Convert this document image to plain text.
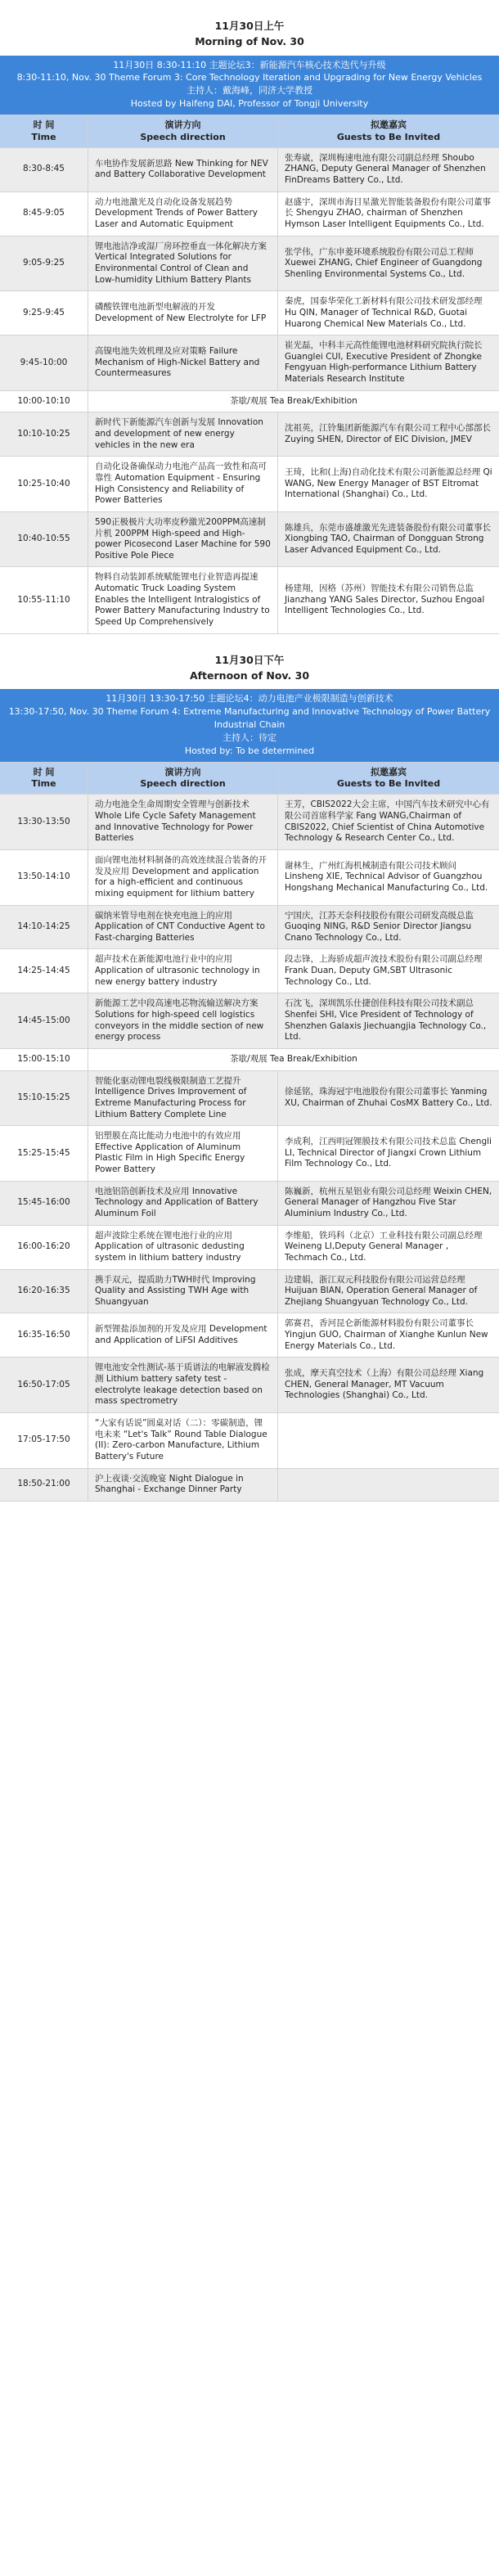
11月30日上午
Morning of Nov. 30
11月30日 8:30-11:10 主题论坛3：新能源汽车核心技术迭代与升级
8:30-11:10, Nov. 30 Theme Forum 3: Core Technology Iteration and Upgrading for New Energy Vehicles
主持人：戴海峰，同济大学教授
Hosted by Haifeng DAI, Professor of Tongji University
时 间
Time
演讲方向
Speech direction
拟邀嘉宾
Guests to Be Invited
8:30-8:45
车电协作发展新思路 New Thinking for NEV and Battery Collaborative Development
张寿崴，深圳梅速电池有限公司副总经理 Shoubo ZHANG, Deputy General Manager of Shenzhen FinDreams Battery Co., Ltd.
8:45-9:05
动力电池激光及自动化设备发展趋势 Development Trends of Power Battery Laser and Automatic Equipment
赵盛宇，深圳市海目星激光智能装备股份有限公司董事长 Shengyu ZHAO, chairman of Shenzhen Hymson Laser Intelligent Equipments Co., Ltd.
9:05-9:25
锂电池洁净或湿厂房环控垂直一体化解决方案 Vertical Integrated Solutions for Environmental Control of Clean and Low-humidity Lithium Battery Plants
张学伟，广东申菱环境系统股份有限公司总工程师 Xuewei ZHANG, Chief Engineer of Guangdong Shenling Environmental Systems Co., Ltd.
9:25-9:45
磷酸铁锂电池新型电解液的开发 Development of New Electrolyte for LFP
秦虎，国泰华荣化工新材料有限公司技术研发部经理 Hu QIN, Manager of Technical R&D, Guotai Huarong Chemical New Materials Co., Ltd.
9:45-10:00
高镍电池失效机理及应对策略 Failure Mechanism of High-Nickel Battery and Countermeasures
崔光磊，中科丰元高性能锂电池材料研究院执行院长 Guanglei CUI, Executive President of Zhongke Fengyuan High-performance Lithium Battery Materials Research Institute
10:00-10:10	茶歇/观展 Tea Break/Exhibition
10:10-10:25
新时代下新能源汽车创新与发展 Innovation and development of new energy vehicles in the new era
沈祖英，江铃集团新能源汽车有限公司工程中心部部长 Zuying SHEN, Director of EIC Division, JMEV
10:25-10:40
自动化设备确保动力电池产品高一致性和高可靠性 Automation Equipment - Ensuring High Consistency and Reliability of Power Batteries
王琦，比和(上海)自动化技术有限公司新能源总经理 Qi WANG, New Energy Manager of BST Eltromat International (Shanghai) Co., Ltd.
10:40-10:55
590正极极片大功率皮秒激光200PPM高速制片机 200PPM High-speed and High-power Picosecond Laser Machine for 590 Positive Pole Piece
陈雄兵，东莞市盛雄激光先进装备股份有限公司董事长 Xiongbing TAO, Chairman of Dongguan Strong Laser Advanced Equipment Co., Ltd.
10:55-11:10
物料自动装卸系统赋能锂电行业智造再提速 Automatic Truck Loading System Enables the Intelligent Intralogistics of Power Battery Manufacturing Industry to Speed Up Comprehensively
杨建翔，因格（苏州）智能技术有限公司销售总监 Jianzhang YANG Sales Director, Suzhou Engoal Intelligent Technologies Co., Ltd.
11月30日下午
Afternoon of Nov. 30
11月30日 13:30-17:50 主题论坛4：动力电池产业极限制造与创新技术
13:30-17:50, Nov. 30 Theme Forum 4: Extreme Manufacturing and Innovative Technology of Power Battery Industrial Chain
主持人：待定
Hosted by: To be determined
时 间
Time
演讲方向
Speech direction
拟邀嘉宾
Guests to Be Invited
13:30-13:50
动力电池全生命周期安全管理与创新技术 Whole Life Cycle Safety Management and Innovative Technology for Power Batteries
王芳，CBIS2022大会主席，中国汽车技术研究中心有限公司首席科学家 Fang WANG,Chairman of CBIS2022, Chief Scientist of China Automotive Technology & Research Center Co., Ltd.
13:50-14:10
面向锂电池材料制备的高效连续混合装备的开发及应用 Development and application for a high-efficient and continuous mixing equipment for lithium battery
谢林生，广州红海机械制造有限公司技术顾问 Linsheng XIE, Technical Advisor of Guangzhou Hongshang Mechanical Manufacturing Co., Ltd.
14:10-14:25
碳纳米管导电剂在快充电池上的应用 Application of CNT Conductive Agent to Fast-charging Batteries
宁国庆，江苏天奈科技股份有限公司研发高级总监 Guoqing NING, R&D Senior Director Jiangsu Cnano Technology Co., Ltd.
14:25-14:45
超声技术在新能源电池行业中的应用 Application of ultrasonic technology in new energy battery industry
段志锋，上海骄成超声波技术股份有限公司副总经理 Frank Duan, Deputy GM,SBT Ultrasonic Technology Co., Ltd.
14:45-15:00
新能源工艺中段高速电芯物流输送解决方案 Solutions for high-speed cell logistics conveyors in the middle section of new energy process
石沈飞，深圳凯乐仕捷创佳科技有限公司技术副总 Shenfei SHI, Vice President of Technology of Shenzhen Galaxis Jiechuangjia Technology Co., Ltd.
15:00-15:10	茶歇/观展 Tea Break/Exhibition
15:10-15:25
智能化驱动锂电裂线极限制造工艺提升 Intelligence Drives Improvement of Extreme Manufacturing Process for Lithium Battery Complete Line
徐延铭，珠海冠宇电池股份有限公司董事长 Yanming XU, Chairman of Zhuhai CosMX Battery Co., Ltd.
15:25-15:45
铝塑膜在高比能动力电池中的有效应用 Effective Application of Aluminum Plastic Film in High Specific Energy Power Battery
李成利，江西明冠锂膜技术有限公司技术总监 Chengli LI, Technical Director of Jiangxi Crown Lithium Film Technology Co., Ltd.
15:45-16:00
电池铝箔创新技术及应用 Innovative Technology and Application of Battery Aluminum Foil
陈巍新，杭州五星铝业有限公司总经理 Weixin CHEN, General Manager of Hangzhou Five Star Aluminium Industry Co., Ltd.
16:00-16:20
超声波除尘系统在锂电池行业的应用 Application of ultrasonic dedusting system in lithium battery industry
李维船，铁玛科（北京）工业科技有限公司副总经理 Weineng LI,Deputy General Manager , Techmach Co., Ltd.
16:20-16:35
携手双元，提质助力TWH时代 Improving Quality and Assisting TWH Age with Shuangyuan
边建娟，浙江双元科技股份有限公司运营总经理 Huijuan BIAN, Operation General Manager of Zhejiang Shuangyuan Technology Co., Ltd.
16:35-16:50
新型锂盐添加剂的开发及应用 Development and Application of LiFSI Additives
郭赛君，香河昆仑新能源材料股份有限公司董事长 Yingjun GUO, Chairman of Xianghe Kunlun New Energy Materials Co., Ltd.
16:50-17:05
锂电池安全性测试-基于质谱法的电解液发腾检测 Lithium battery safety test - electrolyte leakage detection based on mass spectrometry
张成，摩天真空技术（上海）有限公司总经理 Xiang CHEN, General Manager, MT Vacuum Technologies (Shanghai) Co., Ltd.
17:05-17:50
“大家有话说”圆桌对话（二）：零碳制造，锂电未来 “Let's Talk” Round Table Dialogue (II): Zero-carbon Manufacture, Lithium Battery's Future
18:50-21:00
沪上夜谈·交流晚宴 Night Dialogue in Shanghai - Exchange Dinner Party
